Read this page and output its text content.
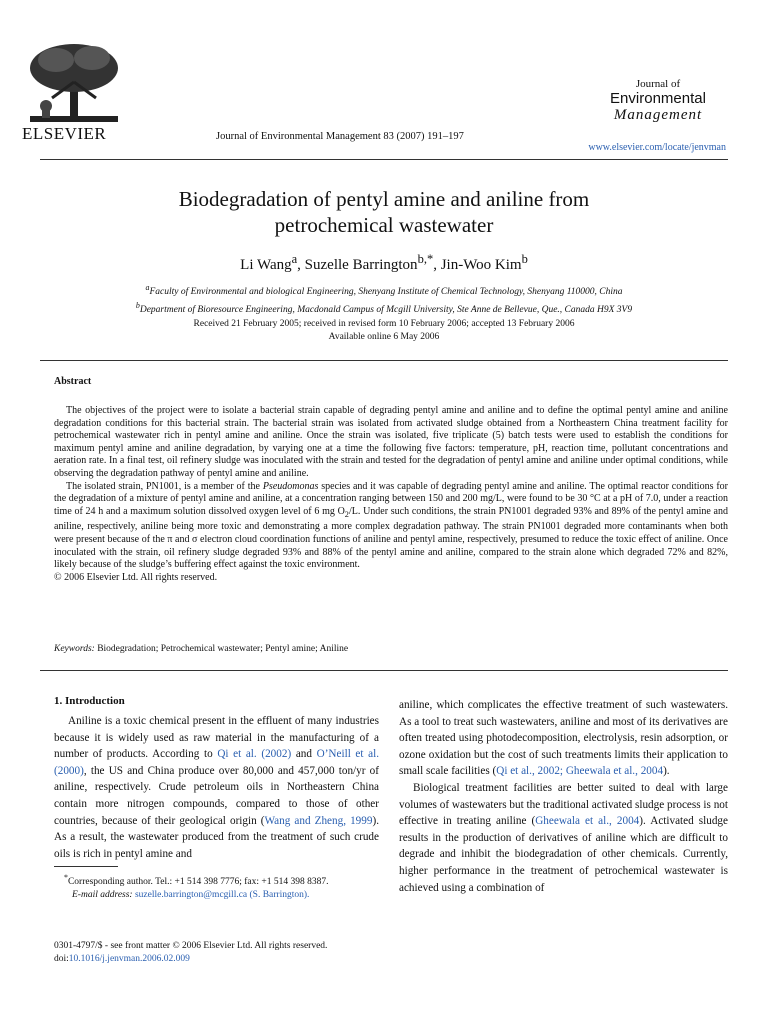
ELSEVIER	Journal of Environmental Management 83 (2007) 191–197
Journal of
Environmental
Management
www.elsevier.com/locate/jenvman
Biodegradation of pentyl amine and aniline from
petrochemical wastewater
Li Wang$^a$, Suzelle Barrington$^{b,*}$, Jin-Woo Kim$^b$
$^a$Faculty of Environmental and biological Engineering, Shenyang Institute of Chemical Technology, Shenyang 110000, China
$^b$Department of Bioresource Engineering, Macdonald Campus of Mcgill University, Ste Anne de Bellevue, Que., Canada H9X 3V9
Received 21 February 2005; received in revised form 10 February 2006; accepted 13 February 2006
Available online 6 May 2006
Abstract

The objectives of the project were to isolate a bacterial strain capable of degrading pentyl amine and aniline and to define the optimal pentyl amine and aniline degradation conditions for this bacterial strain. The bacterial strain was isolated from activated sludge obtained from a Northeastern China treatment facility for petrochemical wastewater rich in pentyl amine and aniline. Once the strain was isolated, five triplicate (5) batch tests were used to establish the conditions for maximum pentyl amine and aniline degradation, by varying one at a time the following five factors: temperature, pH, reaction time, pollutant concentrations and aeration rate. In a final test, oil refinery sludge was inoculated with the strain and tested for the degradation of pentyl amine and aniline under optimal conditions, while observing the degradation pathway of pentyl amine and aniline.

The isolated strain, PN1001, is a member of the Pseudomonas species and it was capable of degrading pentyl amine and aniline. The optimal reactor conditions for the degradation of a mixture of pentyl amine and aniline, at a concentration ranging between 150 and 200 mg/L, were found to be 30 °C at a pH of 7.0, under a reaction time of 24 h and a maximum solution dissolved oxygen level of 6 mg $O_2/L$. Under such conditions, the strain PN1001 degraded 93% and 89% of the pentyl amine and aniline, respectively, aniline being more toxic and demonstrating a more complex degradation pathway. The strain PN1001 degraded more contaminants when both were present because of the π and σ electron cloud coordination functions of aniline and pentyl amine, respectively, presumed to reduce the toxic effect of aniline. Once inoculated with the strain, oil refinery sludge degraded 93% and 88% of the pentyl amine and aniline, compared to the strain alone which degraded 72% and 82%, likely because of the sludge’s buffering effect against the toxic environment.

© 2006 Elsevier Ltd. All rights reserved.
Keywords: Biodegradation; Petrochemical wastewater; Pentyl amine; Aniline
1. Introduction

Aniline is a toxic chemical present in the effluent of many industries because it is widely used as raw material in the manufacturing of a number of products. According to Qi et al. (2002) and O’Neill et al. (2000), the US and China produce over 80,000 and 457,000 ton/yr of aniline, respectively. Crude petroleum oils in Northeastern China contain more nitrogen compounds, compared to those of other countries, because of their geological origin (Wang and Zheng, 1999). As a result, the wastewater produced from the treatment of such crude oils is rich in pentyl amine and

aniline, which complicates the effective treatment of such wastewaters. As a tool to treat such wastewaters, aniline and most of its derivatives are often treated using photodecomposition, electrolysis, resin adsorption, or ozone oxidation but the cost of such treatments limits their application to small scale facilities (Qi et al., 2002; Gheewala et al., 2004).

Biological treatment facilities are better suited to deal with large volumes of wastewaters but the traditional activated sludge process is not effective in treating aniline (Gheewala et al., 2004). Activated sludge results in the production of derivatives of aniline which are difficult to degrade and inhibit the biodegradation of other chemicals. Currently, higher performance in the treatment of petrochemical wastewater is achieved using a combination of

*Corresponding author. Tel.: +1 514 398 7776; fax: +1 514 398 8387.
E-mail address: suzelle.barrington@mcgill.ca (S. Barrington).
0301-4797/$ - see front matter © 2006 Elsevier Ltd. All rights reserved.
doi:10.1016/j.jenvman.2006.02.009
